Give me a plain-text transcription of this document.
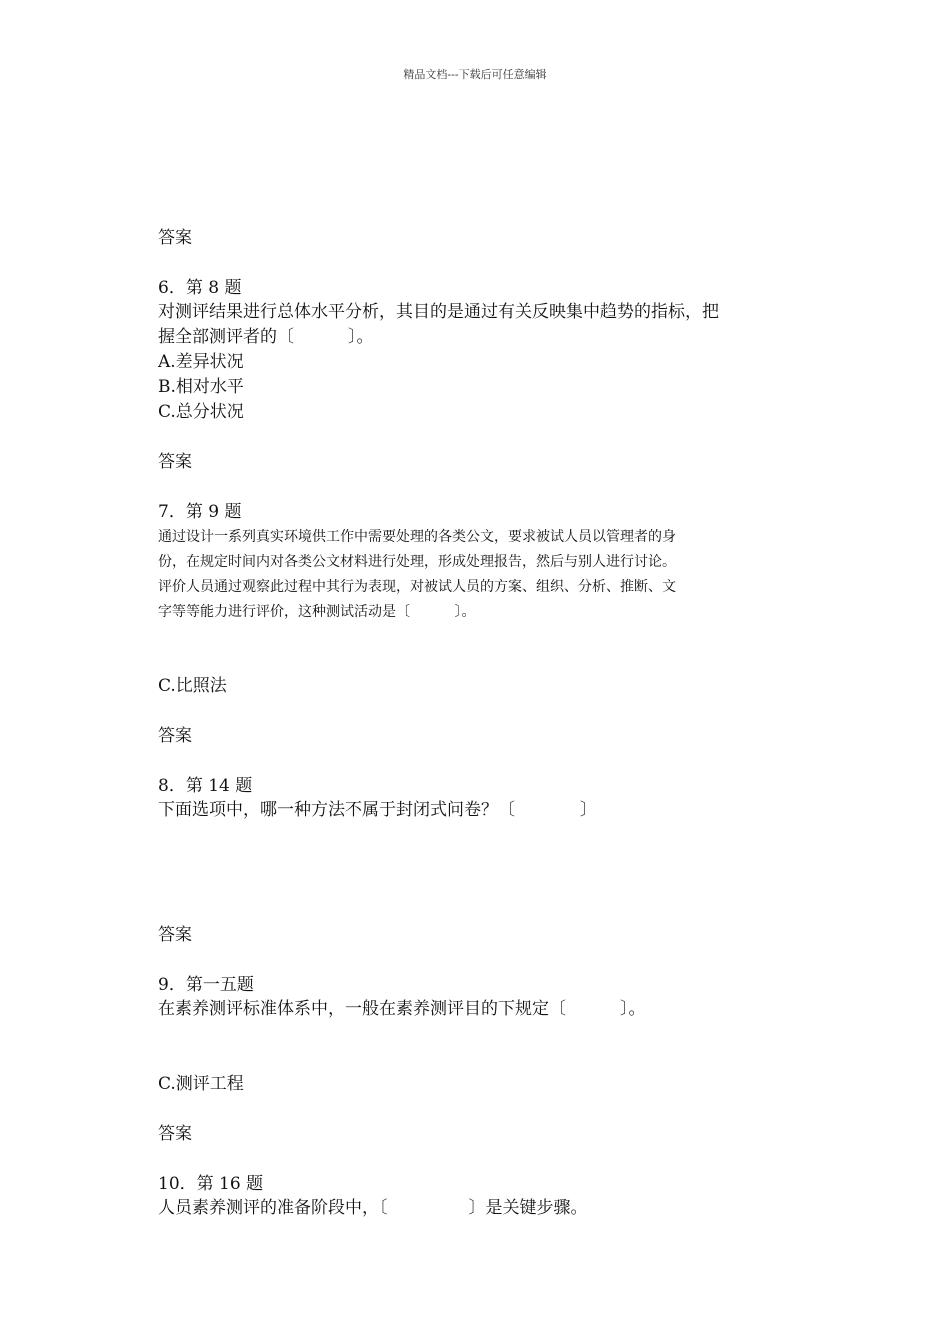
精品文档---下载后可任意编辑
答案
6．第 8 题
对测评结果进行总体水平分析，其目的是通过有关反映集中趋势的指标，把
握全部测评者的〔          〕。
A.差异状况
B.相对水平
C.总分状况
答案
7．第 9 题
通过设计一系列真实环境供工作中需要处理的各类公文，要求被试人员以管理者的身
份，在规定时间内对各类公文材料进行处理，形成处理报告，然后与别人进行讨论。
评价人员通过观察此过程中其行为表现，对被试人员的方案、组织、分析、推断、文
字等等能力进行评价，这种测试活动是〔          〕。
C.比照法
答案
8．第 14 题
下面选项中，哪一种方法不属于封闭式问卷？〔            〕
答案
9．第一五题
在素养测评标准体系中，一般在素养测评目的下规定〔          〕。
C.测评工程
答案
10．第 16 题
人员素养测评的准备阶段中，〔               〕是关键步骤。
